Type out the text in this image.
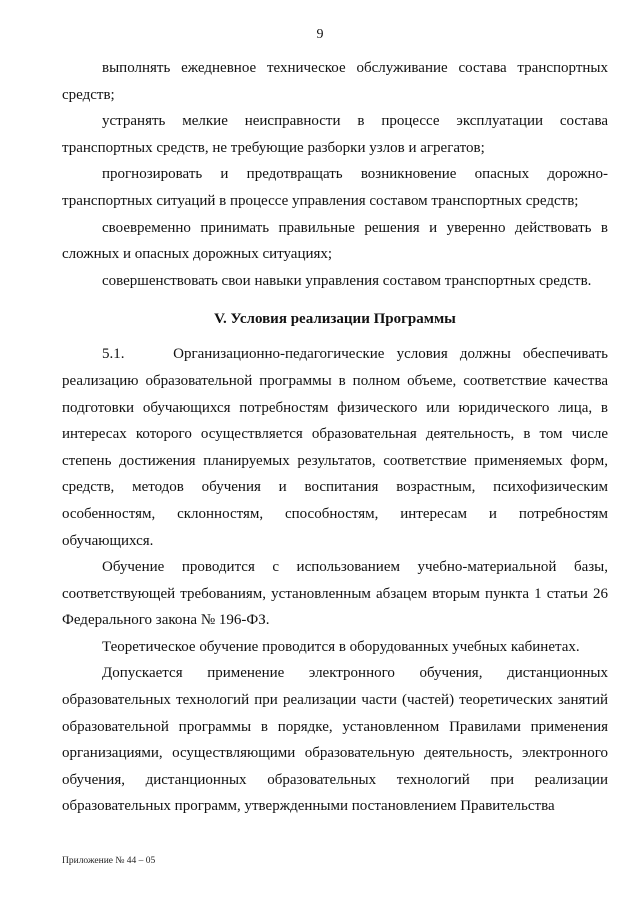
9

выполнять ежедневное техническое обслуживание состава транспортных средств;

устранять мелкие неисправности в процессе эксплуатации состава транспортных средств, не требующие разборки узлов и агрегатов;

прогнозировать и предотвращать возникновение опасных дорожно-транспортных ситуаций в процессе управления составом транспортных средств;

своевременно принимать правильные решения и уверенно действовать в сложных и опасных дорожных ситуациях;

совершенствовать свои навыки управления составом транспортных средств.

V. Условия реализации Программы

5.1.    Организационно-педагогические условия должны обеспечивать реализацию образовательной программы в полном объеме, соответствие качества подготовки обучающихся потребностям физического или юридического лица, в интересах которого осуществляется образовательная деятельность, в том числе степень достижения планируемых результатов, соответствие применяемых форм, средств, методов обучения и воспитания возрастным, психофизическим особенностям, склонностям, способностям, интересам и потребностям обучающихся.

Обучение проводится с использованием учебно-материальной базы, соответствующей требованиям, установленным абзацем вторым пункта 1 статьи 26 Федерального закона № 196-ФЗ.

Теоретическое обучение проводится в оборудованных учебных кабинетах.

Допускается применение электронного обучения, дистанционных образовательных технологий при реализации части (частей) теоретических занятий образовательной программы в порядке, установленном Правилами применения организациями, осуществляющими образовательную деятельность, электронного обучения, дистанционных образовательных технологий при реализации образовательных программ, утвержденными постановлением Правительства

Приложение № 44 – 05
